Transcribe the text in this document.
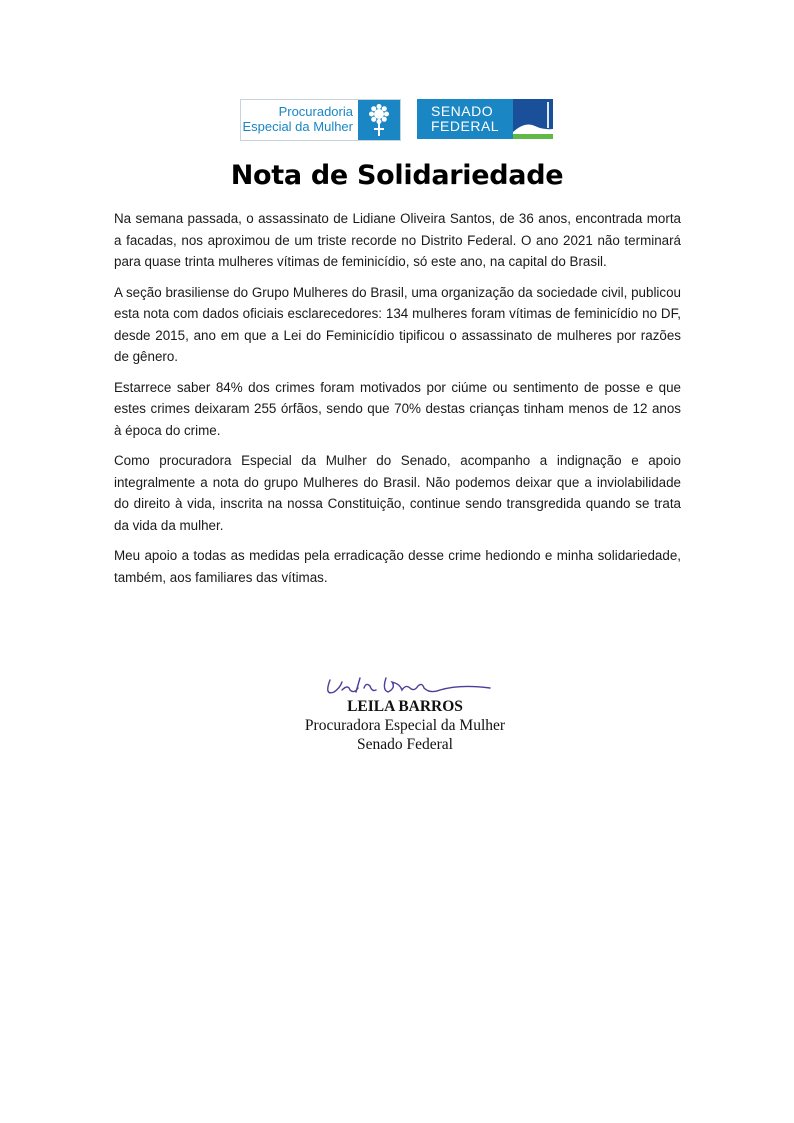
Procuradoria
Especial da Mulher
SENADO
FEDERAL
Nota de Solidariedade

Na semana passada, o assassinato de Lidiane Oliveira Santos, de 36 anos, encontrada morta a facadas, nos aproximou de um triste recorde no Distrito Federal. O ano 2021 não terminará para quase trinta mulheres vítimas de feminicídio, só este ano, na capital do Brasil.

A seção brasiliense do Grupo Mulheres do Brasil, uma organização da sociedade civil, publicou esta nota com dados oficiais esclarecedores: 134 mulheres foram vítimas de feminicídio no DF, desde 2015, ano em que a Lei do Feminicídio tipificou o assassinato de mulheres por razões de gênero.

Estarrece saber 84% dos crimes foram motivados por ciúme ou sentimento de posse e que estes crimes deixaram 255 órfãos, sendo que 70% destas crianças tinham menos de 12 anos à época do crime.

Como procuradora Especial da Mulher do Senado, acompanho a indignação e apoio integralmente a nota do grupo Mulheres do Brasil. Não podemos deixar que a inviolabilidade do direito à vida, inscrita na nossa Constituição, continue sendo transgredida quando se trata da vida da mulher.

Meu apoio a todas as medidas pela erradicação desse crime hediondo e minha solidariedade, também, aos familiares das vítimas.

LEILA BARROS
Procuradora Especial da Mulher
Senado Federal
